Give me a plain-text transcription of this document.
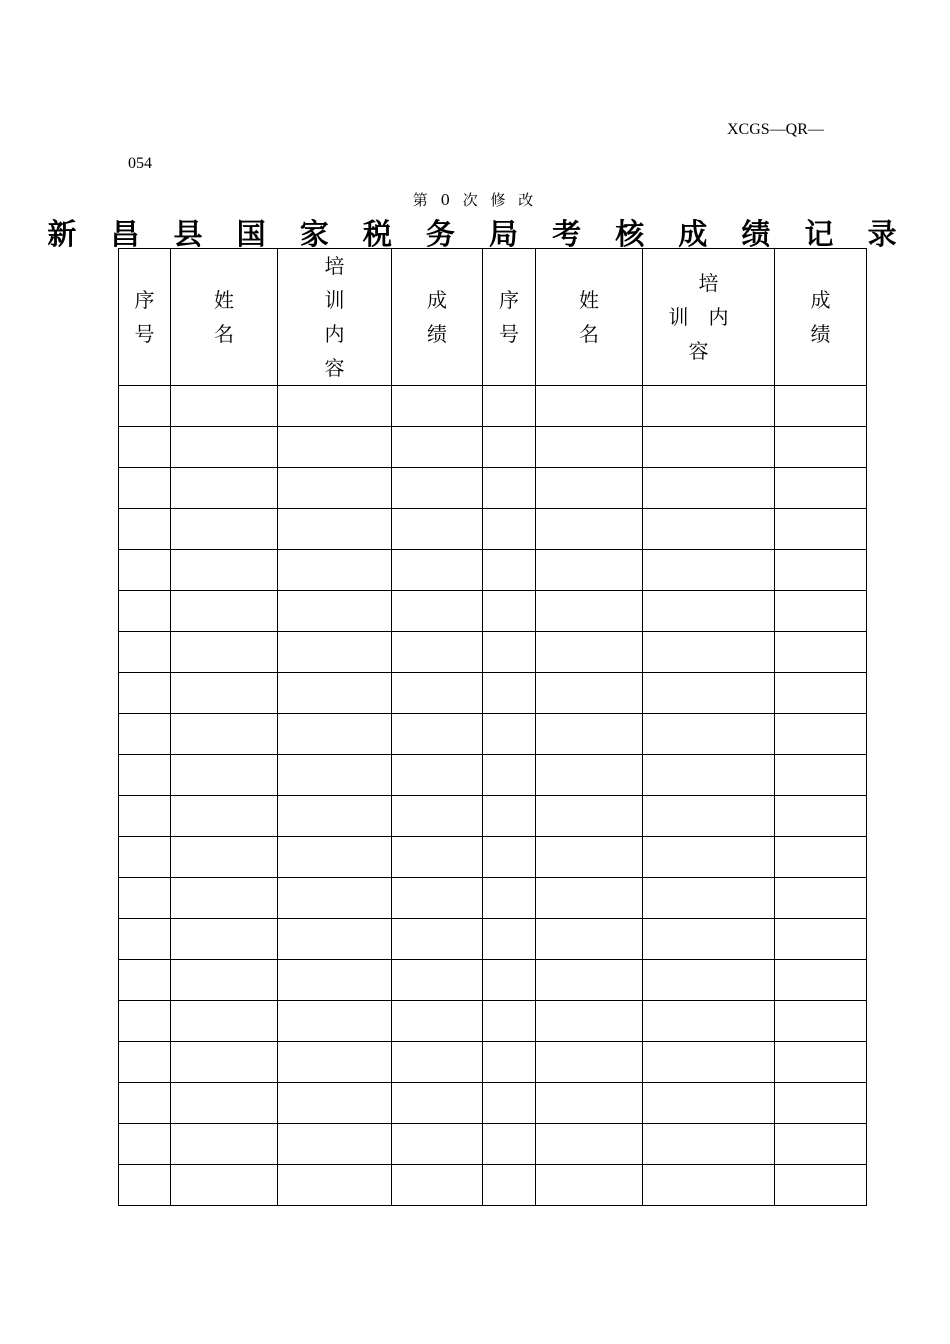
XCGS—QR—
054
第 0 次 修 改
新 昌 县 国 家 税 务 局 考 核 成 绩 记 录
序号	姓名	培训内容	成绩	序号	姓名	培训内容	成绩
